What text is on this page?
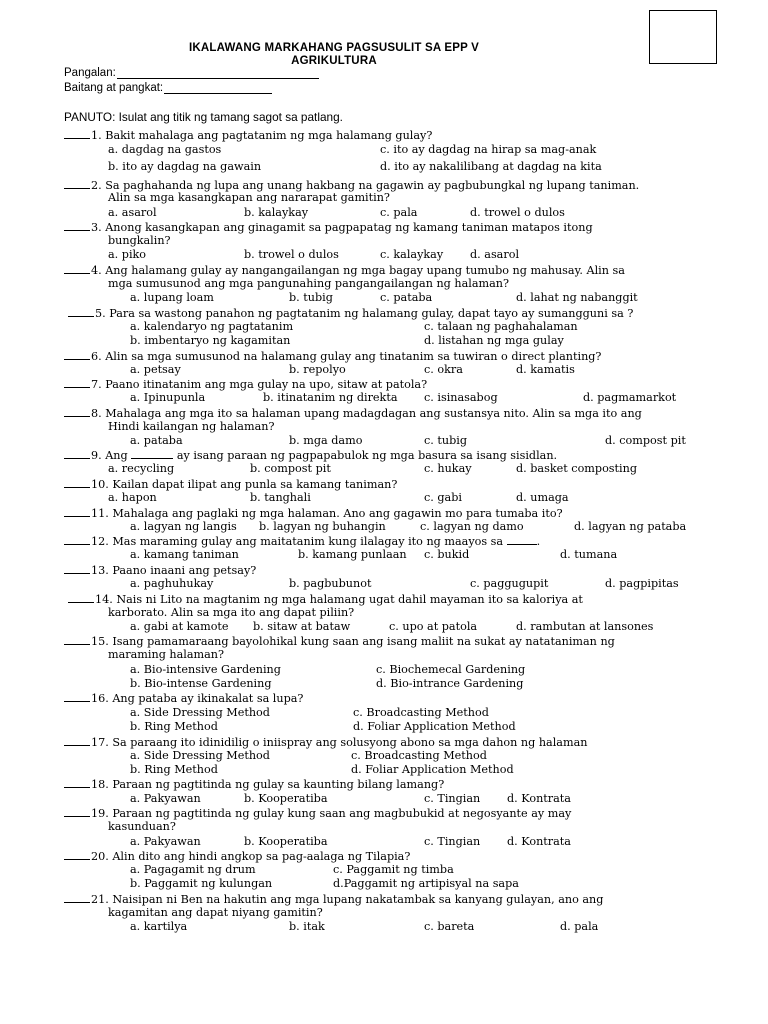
IKALAWANG MARKAHANG PAGSUSULIT SA EPP V
AGRIKULTURA
Pangalan:
Baitang at pangkat:
PANUTO: Isulat ang titik ng tamang sagot sa patlang.
1. Bakit mahalaga ang pagtatanim ng mga halamang gulay?
a. dagdag na gastos	c. ito ay dagdag na hirap sa mag-anak
b. ito ay dagdag na gawain	d. ito ay nakalilibang at dagdag na kita
2. Sa paghahanda ng lupa ang unang hakbang na gagawin ay pagbubungkal ng lupang taniman.
Alin sa mga kasangkapan ang nararapat gamitin?
a. asarol	b. kalaykay	c. pala	d. trowel o dulos
3. Anong kasangkapan ang ginagamit sa pagpapatag ng kamang taniman matapos itong
bungkalin?
a. piko	b. trowel o dulos	c. kalaykay d. asarol
4. Ang halamang gulay ay nangangailangan ng mga bagay upang tumubo ng mahusay. Alin sa
mga sumusunod ang mga pangunahing pangangailangan ng halaman?
a. lupang loam	b. tubig	c. pataba	d. lahat ng nabanggit
5. Para sa wastong panahon ng pagtatanim ng halamang gulay, dapat tayo ay sumangguni sa ?
a. kalendaryo ng pagtatanim	c. talaan ng paghahalaman
b. imbentaryo ng kagamitan	d. listahan ng mga gulay
6. Alin sa mga sumusunod na halamang gulay ang tinatanim sa tuwiran o direct planting?
a. petsay	b. repolyo	c. okra	d. kamatis
7. Paano itinatanim ang mga gulay na upo, sitaw at patola?
a. Ipinupunla	b. itinatanim ng direkta c. isinasabog	d. pagmamarkot
8. Mahalaga ang mga ito sa halaman upang madagdagan ang sustansya nito. Alin sa mga ito ang
Hindi kailangan ng halaman?
a. pataba	b. mga damo	c. tubig	d. compost pit
9. Ang	ay isang paraan ng pagpapabulok ng mga basura sa isang sisidlan.
a. recycling	b. compost pit	c. hukay	d. basket composting
10. Kailan dapat ilipat ang punla sa kamang taniman?
a. hapon	b. tanghali	c. gabi	d. umaga
11. Mahalaga ang paglaki ng mga halaman. Ano ang gagawin mo para tumaba ito?
a. lagyan ng langis b. lagyan ng buhangin	c. lagyan ng damo	d. lagyan ng pataba
12. Mas maraming gulay ang maitatanim kung ilalagay ito ng maayos sa	.
a. kamang taniman	b. kamang punlaan c. bukid	d. tumana
13. Paano inaani ang petsay?
a. paghuhukay	b. pagbubunot	c. paggugupit	d. pagpipitas
14. Nais ni Lito na magtanim ng mga halamang ugat dahil mayaman ito sa kaloriya at
karborato. Alin sa mga ito ang dapat piliin?
a. gabi at kamote b. sitaw at bataw	c. upo at patola	d. rambutan at lansones
15. Isang pamamaraang bayolohikal kung saan ang isang maliit na sukat ay natataniman ng
maraming halaman?
a. Bio-intensive Gardening	c. Biochemecal Gardening
b. Bio-intense Gardening	d. Bio-intrance Gardening
16. Ang pataba ay ikinakalat sa lupa?
a. Side Dressing Method	c. Broadcasting Method
b. Ring Method	d. Foliar Application Method
17. Sa paraang ito idinidilig o iniispray ang solusyong abono sa mga dahon ng halaman
a. Side Dressing Method	c. Broadcasting Method
b. Ring Method	d. Foliar Application Method
18. Paraan ng pagtitinda ng gulay sa kaunting bilang lamang?
a. Pakyawan	b. Kooperatiba	c. Tingian d. Kontrata
19. Paraan ng pagtitinda ng gulay kung saan ang magbubukid at negosyante ay may
kasunduan?
a. Pakyawan	b. Kooperatiba	c. Tingian d. Kontrata
20. Alin dito ang hindi angkop sa pag-aalaga ng Tilapia?
a. Pagagamit ng drum	c. Paggamit ng timba
b. Paggamit ng kulungan	d.Paggamit ng artipisyal na sapa
21. Naisipan ni Ben na hakutin ang mga lupang nakatambak sa kanyang gulayan, ano ang
kagamitan ang dapat niyang gamitin?
a. kartilya	b. itak	c. bareta	d. pala
